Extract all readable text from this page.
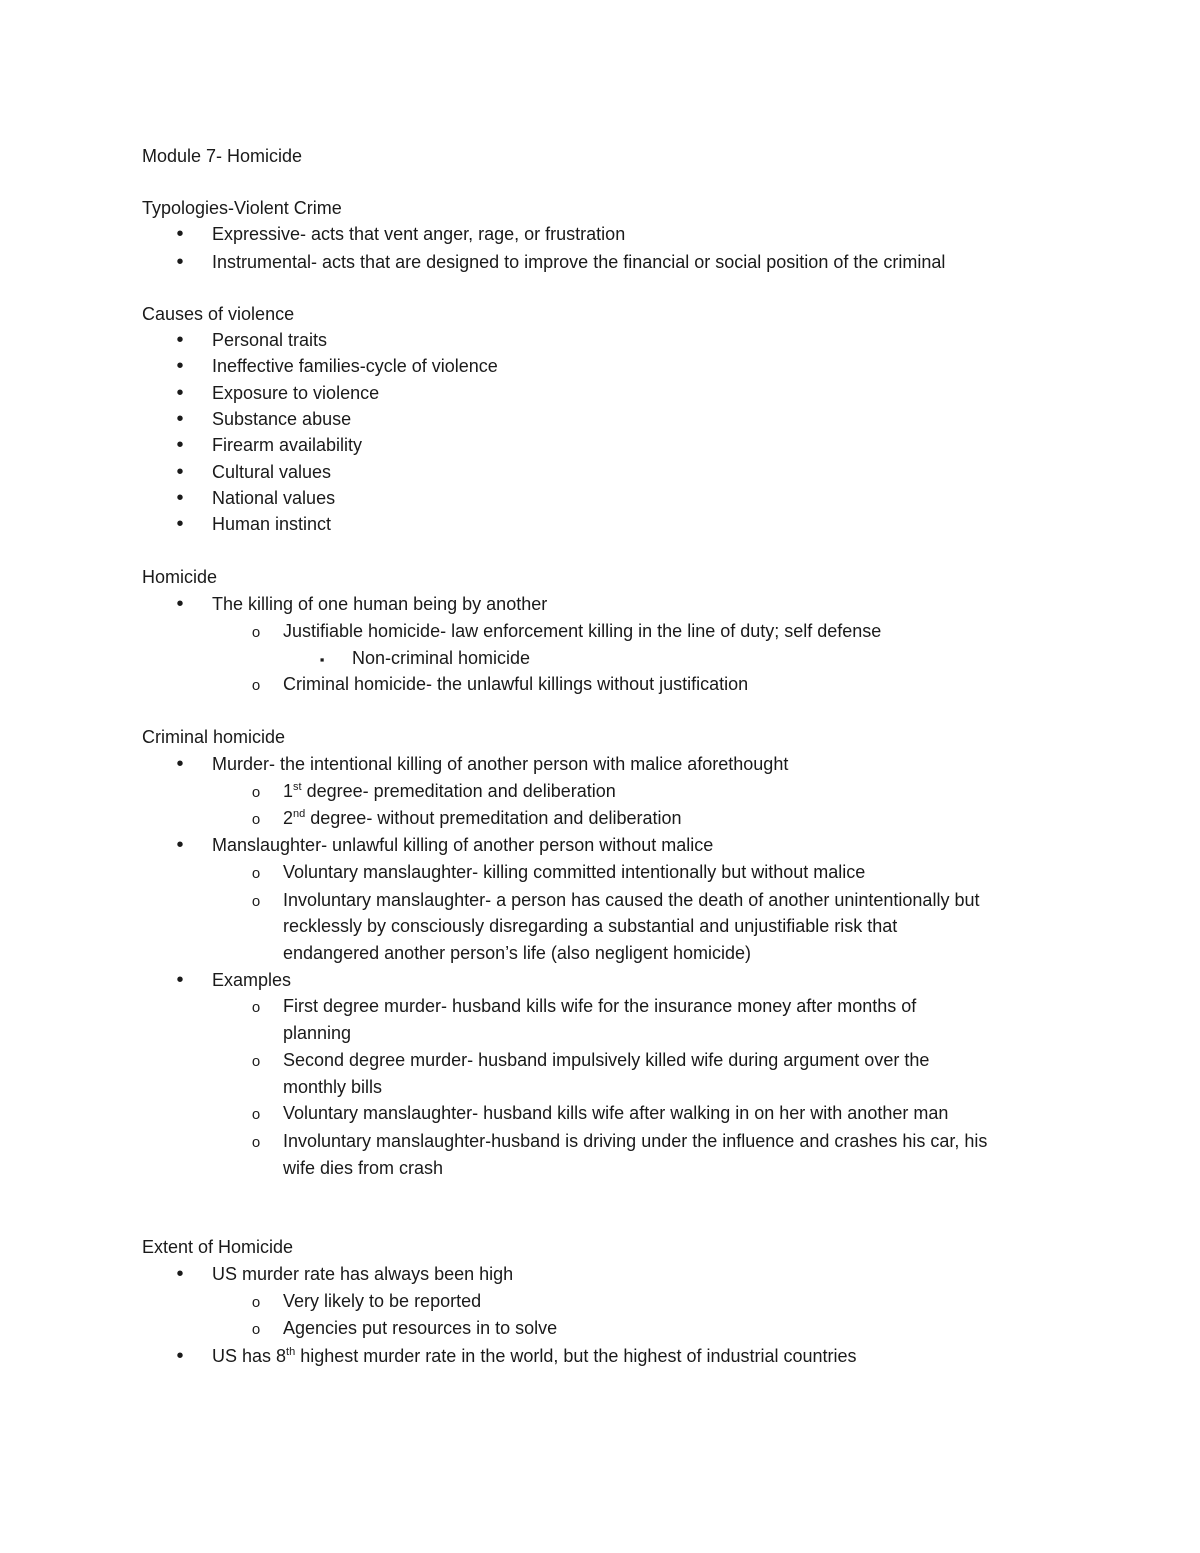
Module 7- Homicide
Typologies-Violent Crime
•
Expressive- acts that vent anger, rage, or frustration
•
Instrumental- acts that are designed to improve the financial or social position of the criminal
Causes of violence
•
Personal traits
•
Ineffective families-cycle of violence
•
Exposure to violence
•
Substance abuse
•
Firearm availability
•
Cultural values
•
National values
•
Human instinct
Homicide
•
The killing of one human being by another
o
Justifiable homicide- law enforcement killing in the line of duty; self defense
▪
Non-criminal homicide
o
Criminal homicide- the unlawful killings without justification
Criminal homicide
•
Murder- the intentional killing of another person with malice aforethought
o
1st degree- premeditation and deliberation
o
2nd degree- without premeditation and deliberation
•
Manslaughter- unlawful killing of another person without malice
o
Voluntary manslaughter- killing committed intentionally but without malice
o
Involuntary manslaughter- a person has caused the death of another unintentionally but
recklessly by consciously disregarding a substantial and unjustifiable risk that
endangered another person’s life (also negligent homicide)
•
Examples
o
First degree murder- husband kills wife for the insurance money after months of
planning
o
Second degree murder- husband impulsively killed wife during argument over the
monthly bills
o
Voluntary manslaughter- husband kills wife after walking in on her with another man
o
Involuntary manslaughter-husband is driving under the influence and crashes his car, his
wife dies from crash
Extent of Homicide
•
US murder rate has always been high
o
Very likely to be reported
o
Agencies put resources in to solve
•
US has 8th highest murder rate in the world, but the highest of industrial countries
